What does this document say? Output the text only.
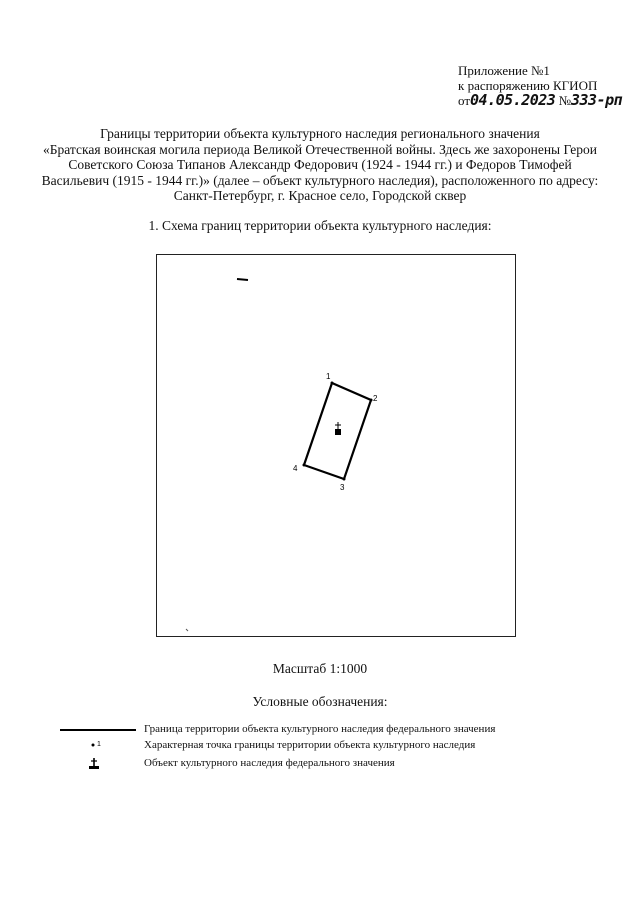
Приложение №1
к распоряжению КГИОП
от04.05.2023 №333-рп
Границы территории объекта культурного наследия регионального значения
«Братская воинская могила периода Великой Отечественной войны. Здесь же захоронены Герои
Советского Союза Типанов Александр Федорович (1924 - 1944 гг.) и Федоров Тимофей
Васильевич (1915 - 1944 гг.)» (далее – объект культурного наследия), расположенного по адресу:
Санкт-Петербург, г. Красное село, Городской сквер
1. Схема границ территории объекта культурного наследия:
1
2
3
4
Масштаб 1:1000
Условные обозначения:
Граница территории объекта культурного наследия федерального значения
1	Характерная точка границы территории объекта культурного наследия
Объект культурного наследия федерального значения
